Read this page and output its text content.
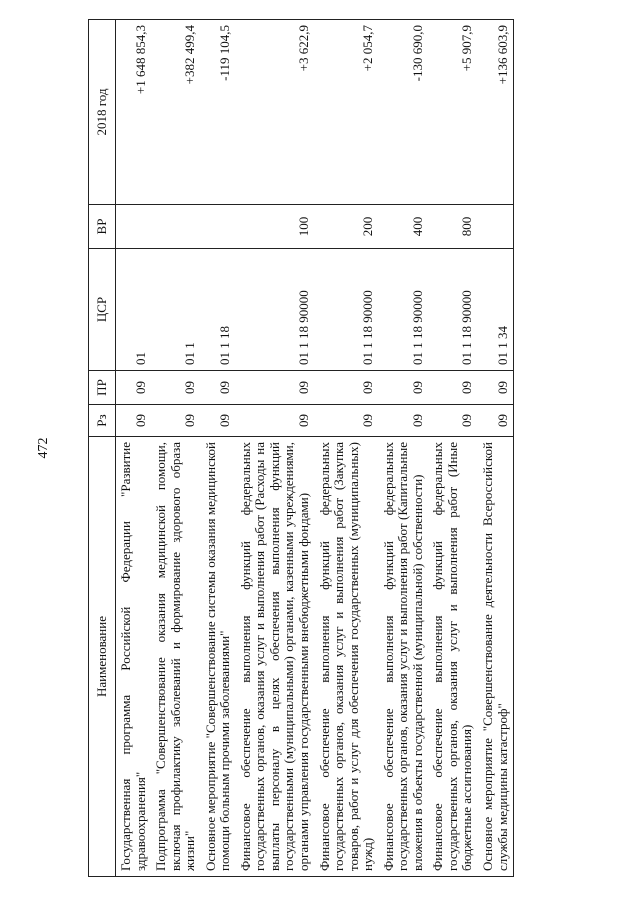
472
Наименование	Рз	ПР	ЦСР	ВР	2018 год
Государственная программа Российской Федерации "Развитие здравоохранения"	09	09	01		+1 648 854,3
Подпрограмма "Совершенствование оказания медицинской помощи, включая профилактику заболеваний и формирование здорового образа жизни"	09	09	01 1		+382 499,4
Основное мероприятие "Совершенствование системы оказания медицинской помощи больным прочими заболеваниями"	09	09	01 1 18		-119 104,5
Финансовое обеспечение выполнения функций федеральных государственных органов, оказания услуг и выполнения работ (Расходы на выплаты персоналу в целях обеспечения выполнения функций государственными (муниципальными) органами, казенными учреждениями, органами управления государственными внебюджетными фондами)	09	09	01 1 18 90000	100	+3 622,9
Финансовое обеспечение выполнения функций федеральных государственных органов, оказания услуг и выполнения работ (Закупка товаров, работ и услуг для обеспечения государственных (муниципальных) нужд)	09	09	01 1 18 90000	200	+2 054,7
Финансовое обеспечение выполнения функций федеральных государственных органов, оказания услуг и выполнения работ (Капитальные вложения в объекты государственной (муниципальной) собственности)	09	09	01 1 18 90000	400	-130 690,0
Финансовое обеспечение выполнения функций федеральных государственных органов, оказания услуг и выполнения работ (Иные бюджетные ассигнования)	09	09	01 1 18 90000	800	+5 907,9
Основное мероприятие "Совершенствование деятельности Всероссийской службы медицины катастроф"	09	09	01 1 34		+136 603,9
